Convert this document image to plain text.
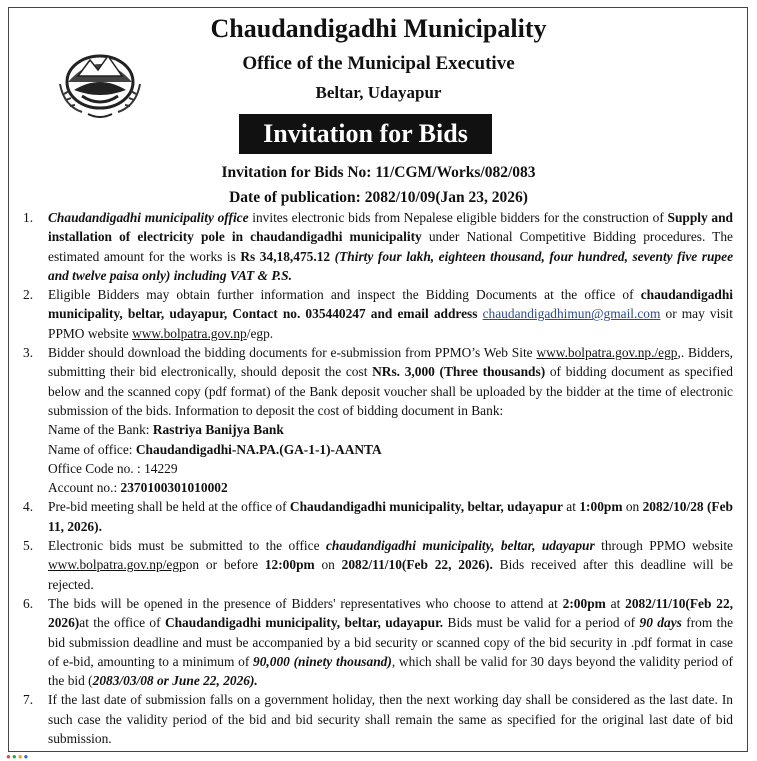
Chaudandigadhi Municipality
Office of the Municipal Executive
Beltar, Udayapur
Invitation for Bids
Invitation for Bids No: 11/CGM/Works/082/083
Date of publication: 2082/10/09(Jan 23, 2026)
1.	Chaudandigadhi municipality office invites electronic bids from Nepalese eligible bidders for the construction of Supply and installation of electricity pole in chaudandigadhi municipality under National Competitive Bidding procedures. The estimated amount for the works is Rs 34,18,475.12 (Thirty four lakh, eighteen thousand, four hundred, seventy five rupee and twelve paisa only) including VAT & P.S.
2.	Eligible Bidders may obtain further information and inspect the Bidding Documents at the office of chaudandigadhi municipality, beltar, udayapur, Contact no. 035440247 and email address chaudandigadhimun@gmail.com or may visit PPMO website www.bolpatra.gov.np/egp.
3.	Bidder should download the bidding documents for e-submission from PPMO’s Web Site www.bolpatra.gov.np./egp,. Bidders, submitting their bid electronically, should deposit the cost NRs. 3,000 (Three thousands) of bidding document as specified below and the scanned copy (pdf format) of the Bank deposit voucher shall be uploaded by the bidder at the time of electronic submission of the bids. Information to deposit the cost of bidding document in Bank:
Name of the Bank: Rastriya Banijya Bank
Name of office: Chaudandigadhi-NA.PA.(GA-1-1)-AANTA
Office Code no. : 14229
Account no.: 2370100301010002
4.	Pre-bid meeting shall be held at the office of Chaudandigadhi municipality, beltar, udayapur at 1:00pm on 2082/10/28 (Feb 11, 2026).
5.	Electronic bids must be submitted to the office chaudandigadhi municipality, beltar, udayapur through PPMO website www.bolpatra.gov.np/egpon or before 12:00pm on 2082/11/10(Feb 22, 2026). Bids received after this deadline will be rejected.
6.	The bids will be opened in the presence of Bidders' representatives who choose to attend at 2:00pm at 2082/11/10(Feb 22, 2026)at the office of Chaudandigadhi municipality, beltar, udayapur. Bids must be valid for a period of 90 days from the bid submission deadline and must be accompanied by a bid security or scanned copy of the bid security in .pdf format in case of e-bid, amounting to a minimum of 90,000 (ninety thousand), which shall be valid for 30 days beyond the validity period of the bid (2083/03/08 or June 22, 2026).
7.	If the last date of submission falls on a government holiday, then the next working day shall be considered as the last date. In such case the validity period of the bid and bid security shall remain the same as specified for the original last date of bid submission.
●●●●
